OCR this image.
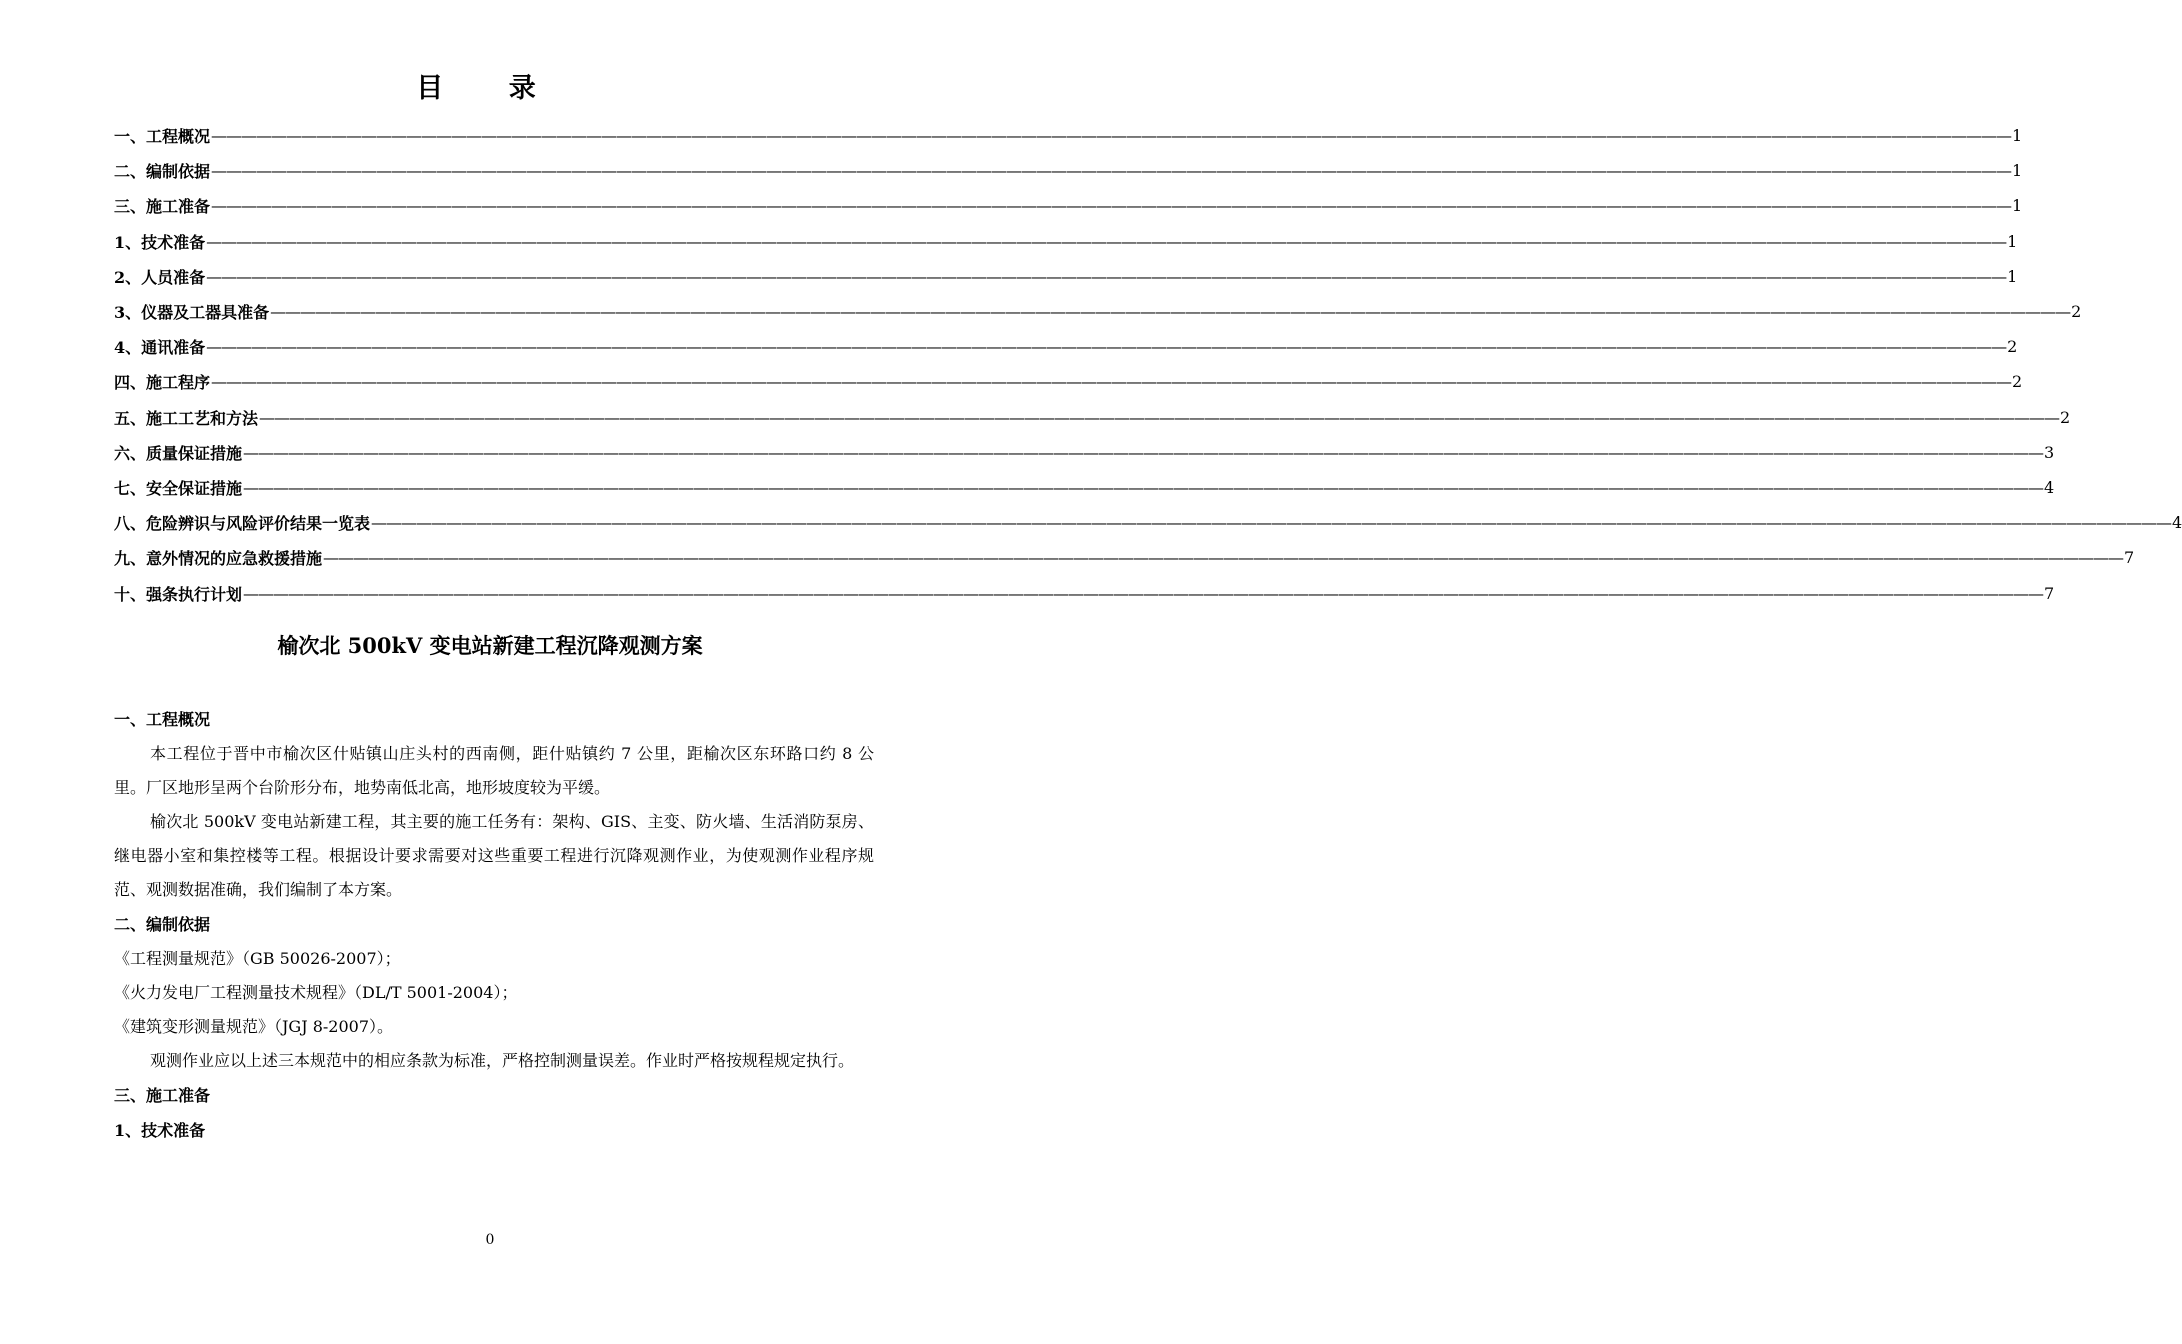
目 录
一、工程概况 ———————————————————————————————————————————————————————————————————————————————————————————————————————————————————————— 1
二、编制依据 ———————————————————————————————————————————————————————————————————————————————————————————————————————————————————————— 1
三、施工准备 ———————————————————————————————————————————————————————————————————————————————————————————————————————————————————————— 1
1、技术准备 ———————————————————————————————————————————————————————————————————————————————————————————————————————————————————————— 1
2、人员准备 ———————————————————————————————————————————————————————————————————————————————————————————————————————————————————————— 1
3、仪器及工器具准备 ———————————————————————————————————————————————————————————————————————————————————————————————————————————————————————— 2
4、通讯准备 ———————————————————————————————————————————————————————————————————————————————————————————————————————————————————————— 2
四、施工程序 ———————————————————————————————————————————————————————————————————————————————————————————————————————————————————————— 2
五、施工工艺和方法 ———————————————————————————————————————————————————————————————————————————————————————————————————————————————————————— 2
六、质量保证措施 ———————————————————————————————————————————————————————————————————————————————————————————————————————————————————————— 3
七、安全保证措施 ———————————————————————————————————————————————————————————————————————————————————————————————————————————————————————— 4
八、危险辨识与风险评价结果一览表 ———————————————————————————————————————————————————————————————————————————————————————————————————————————————————————— 4
九、意外情况的应急救援措施 ———————————————————————————————————————————————————————————————————————————————————————————————————————————————————————— 7
十、强条执行计划 ———————————————————————————————————————————————————————————————————————————————————————————————————————————————————————— 7
榆次北 500kV 变电站新建工程沉降观测方案
一、工程概况

本工程位于晋中市榆次区什贴镇山庄头村的西南侧，距什贴镇约 7 公里，距榆次区东环路口约 8 公里。厂区地形呈两个台阶形分布，地势南低北高，地形坡度较为平缓。

榆次北 500kV 变电站新建工程，其主要的施工任务有：架构、GIS、主变、防火墙、生活消防泵房、继电器小室和集控楼等工程。根据设计要求需要对这些重要工程进行沉降观测作业，为使观测作业程序规范、观测数据准确，我们编制了本方案。

二、编制依据

《工程测量规范》（GB 50026-2007）；

《火力发电厂工程测量技术规程》（DL/T 5001-2004）；

《建筑变形测量规范》（JGJ 8-2007）。

观测作业应以上述三本规范中的相应条款为标准，严格控制测量误差。作业时严格按规程规定执行。

三、施工准备
1、技术准备
0
